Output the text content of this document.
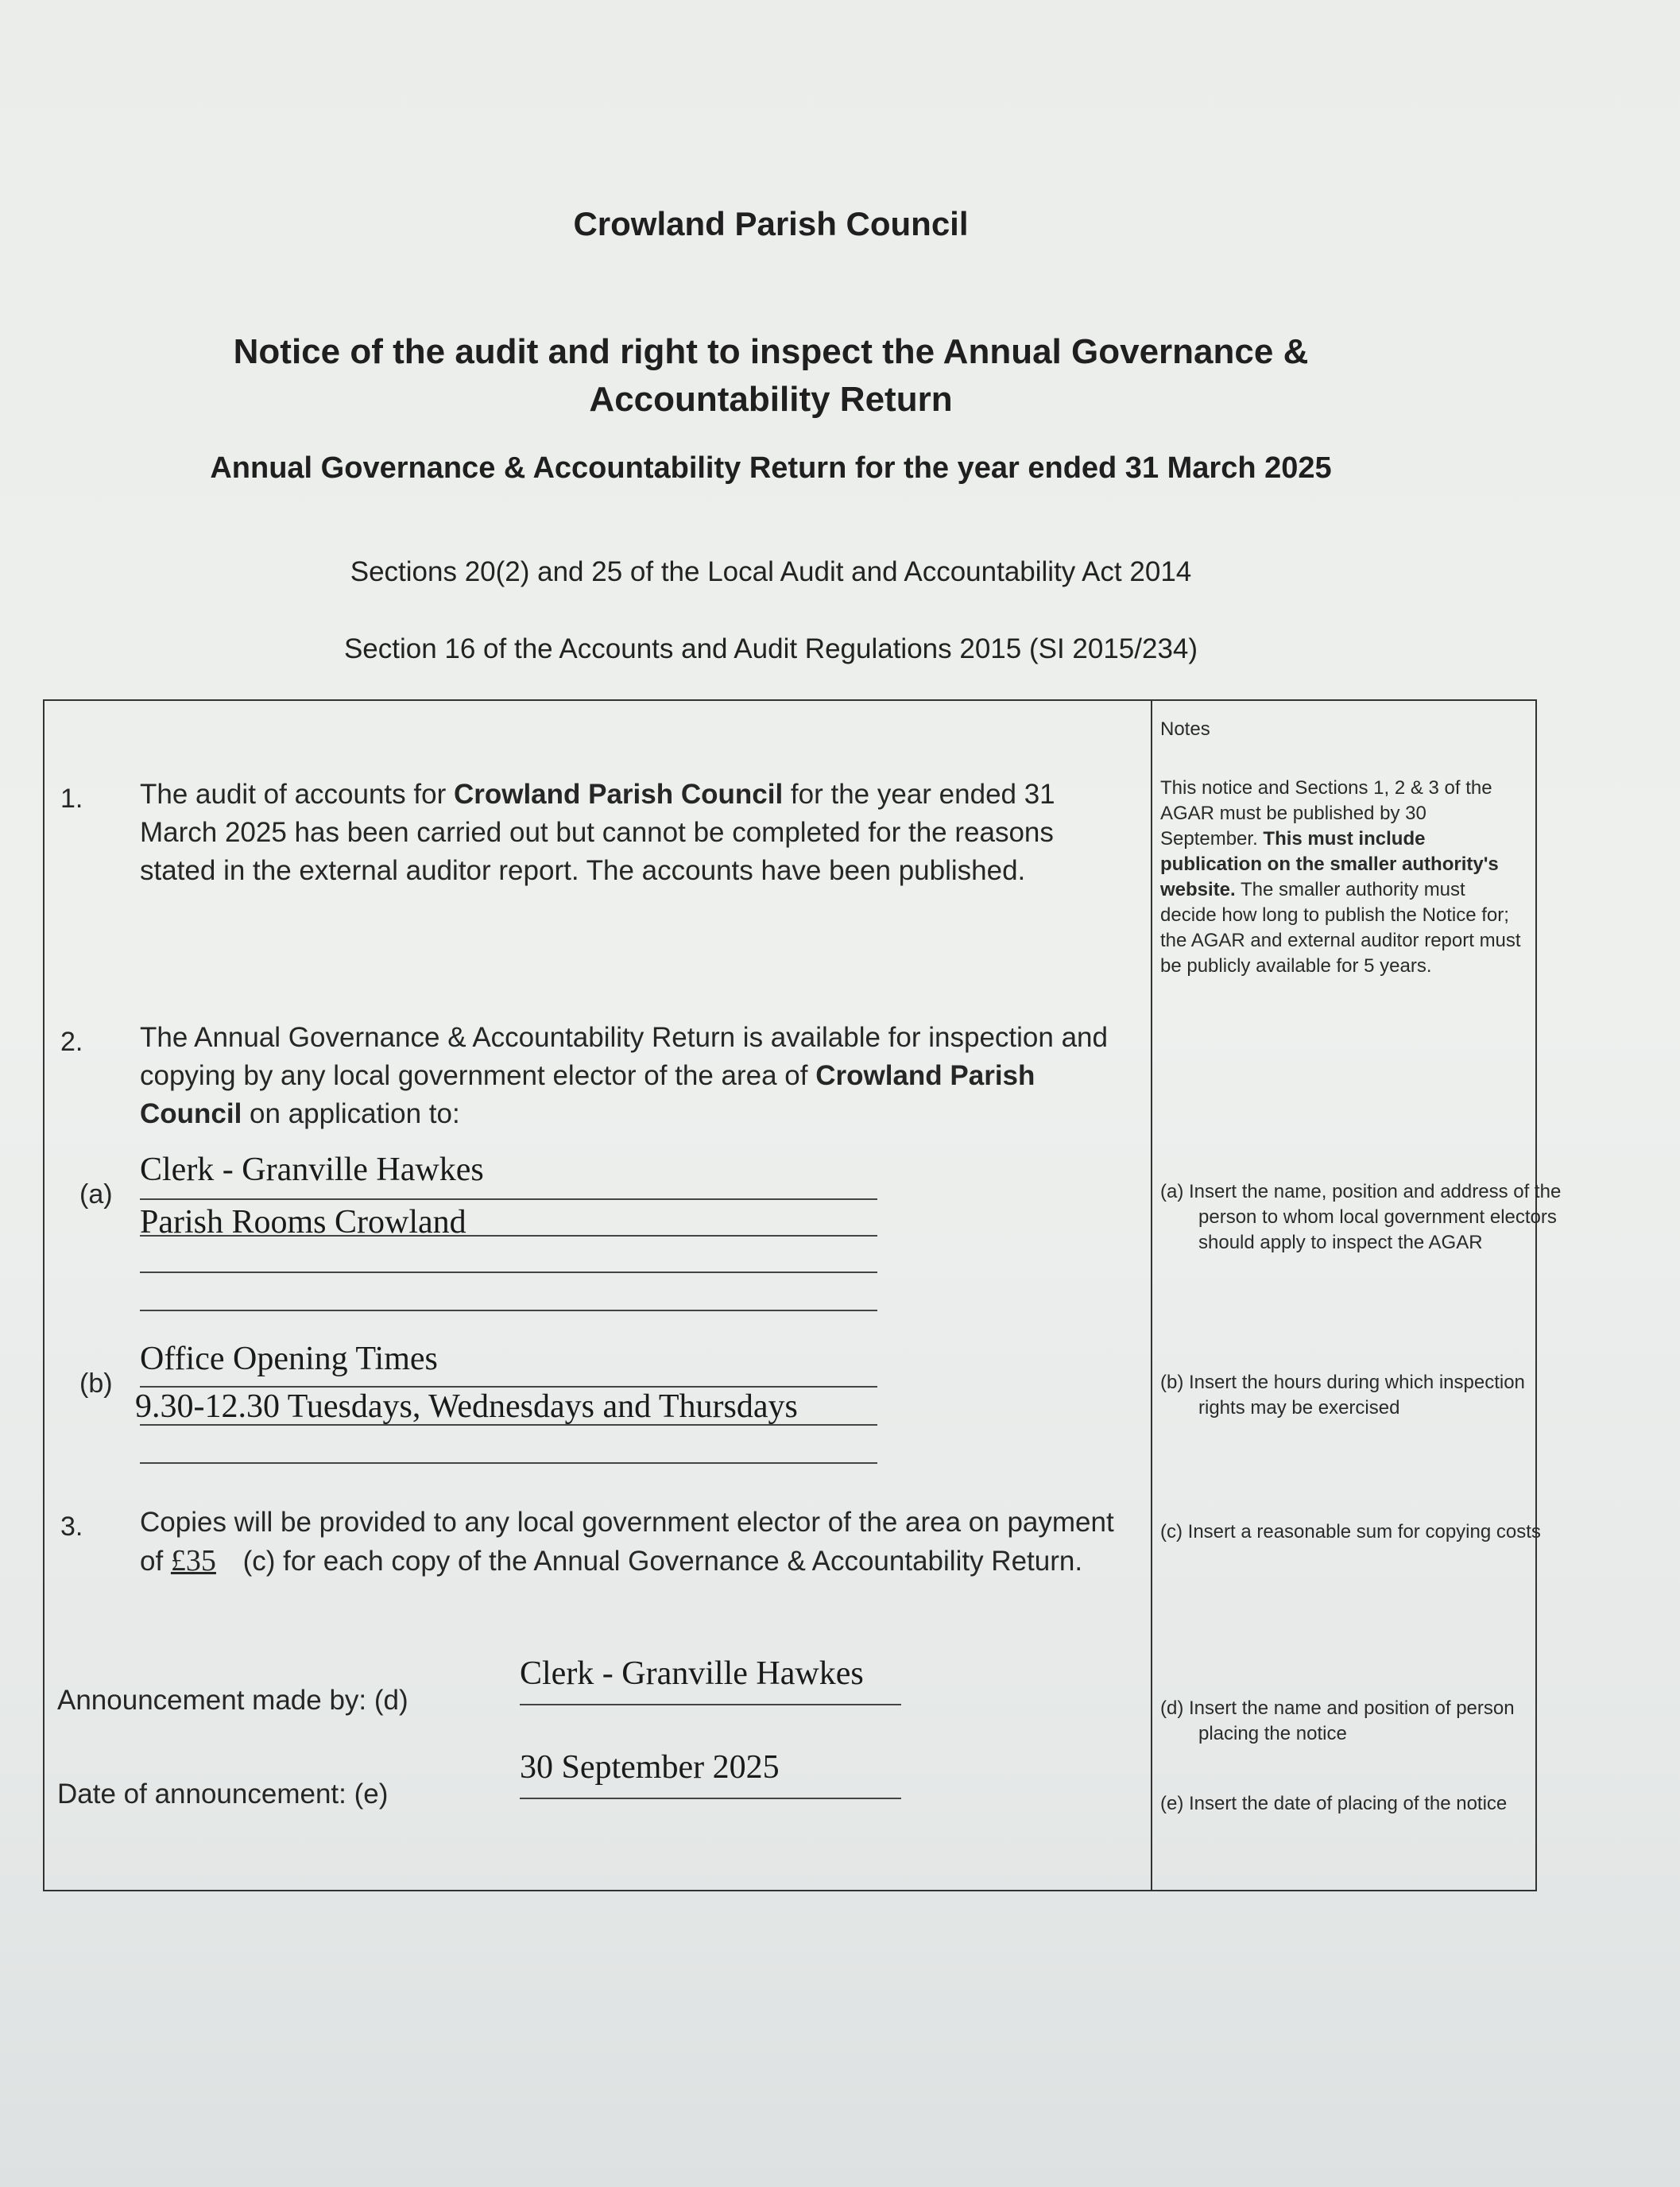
Crowland Parish Council
Notice of the audit and right to inspect the Annual Governance &
Accountability Return
Annual Governance & Accountability Return for the year ended 31 March 2025
Sections 20(2) and 25 of the Local Audit and Accountability Act 2014
Section 16 of the Accounts and Audit Regulations 2015 (SI 2015/234)
Notes
1. The audit of accounts for Crowland Parish Council for the year ended 31 March 2025 has been carried out but cannot be completed for the reasons stated in the external auditor report. The accounts have been published.
This notice and Sections 1, 2 & 3 of the AGAR must be published by 30 September. This must include publication on the smaller authority's website. The smaller authority must decide how long to publish the Notice for; the AGAR and external auditor report must be publicly available for 5 years.
2. The Annual Governance & Accountability Return is available for inspection and copying by any local government elector of the area of Crowland Parish Council on application to:
(a)
Clerk - Granville Hawkes
Parish Rooms Crowland
(a) Insert the name, position and address of the person to whom local government electors should apply to inspect the AGAR
(b)
Office Opening Times
9.30-12.30 Tuesdays, Wednesdays and Thursdays
(b) Insert the hours during which inspection rights may be exercised
3. Copies will be provided to any local government elector of the area on payment of £35 (c) for each copy of the Annual Governance & Accountability Return.
(c) Insert a reasonable sum for copying costs
Announcement made by: (d)
Clerk - Granville Hawkes
(d) Insert the name and position of person placing the notice
Date of announcement: (e)
30 September 2025
(e) Insert the date of placing of the notice
